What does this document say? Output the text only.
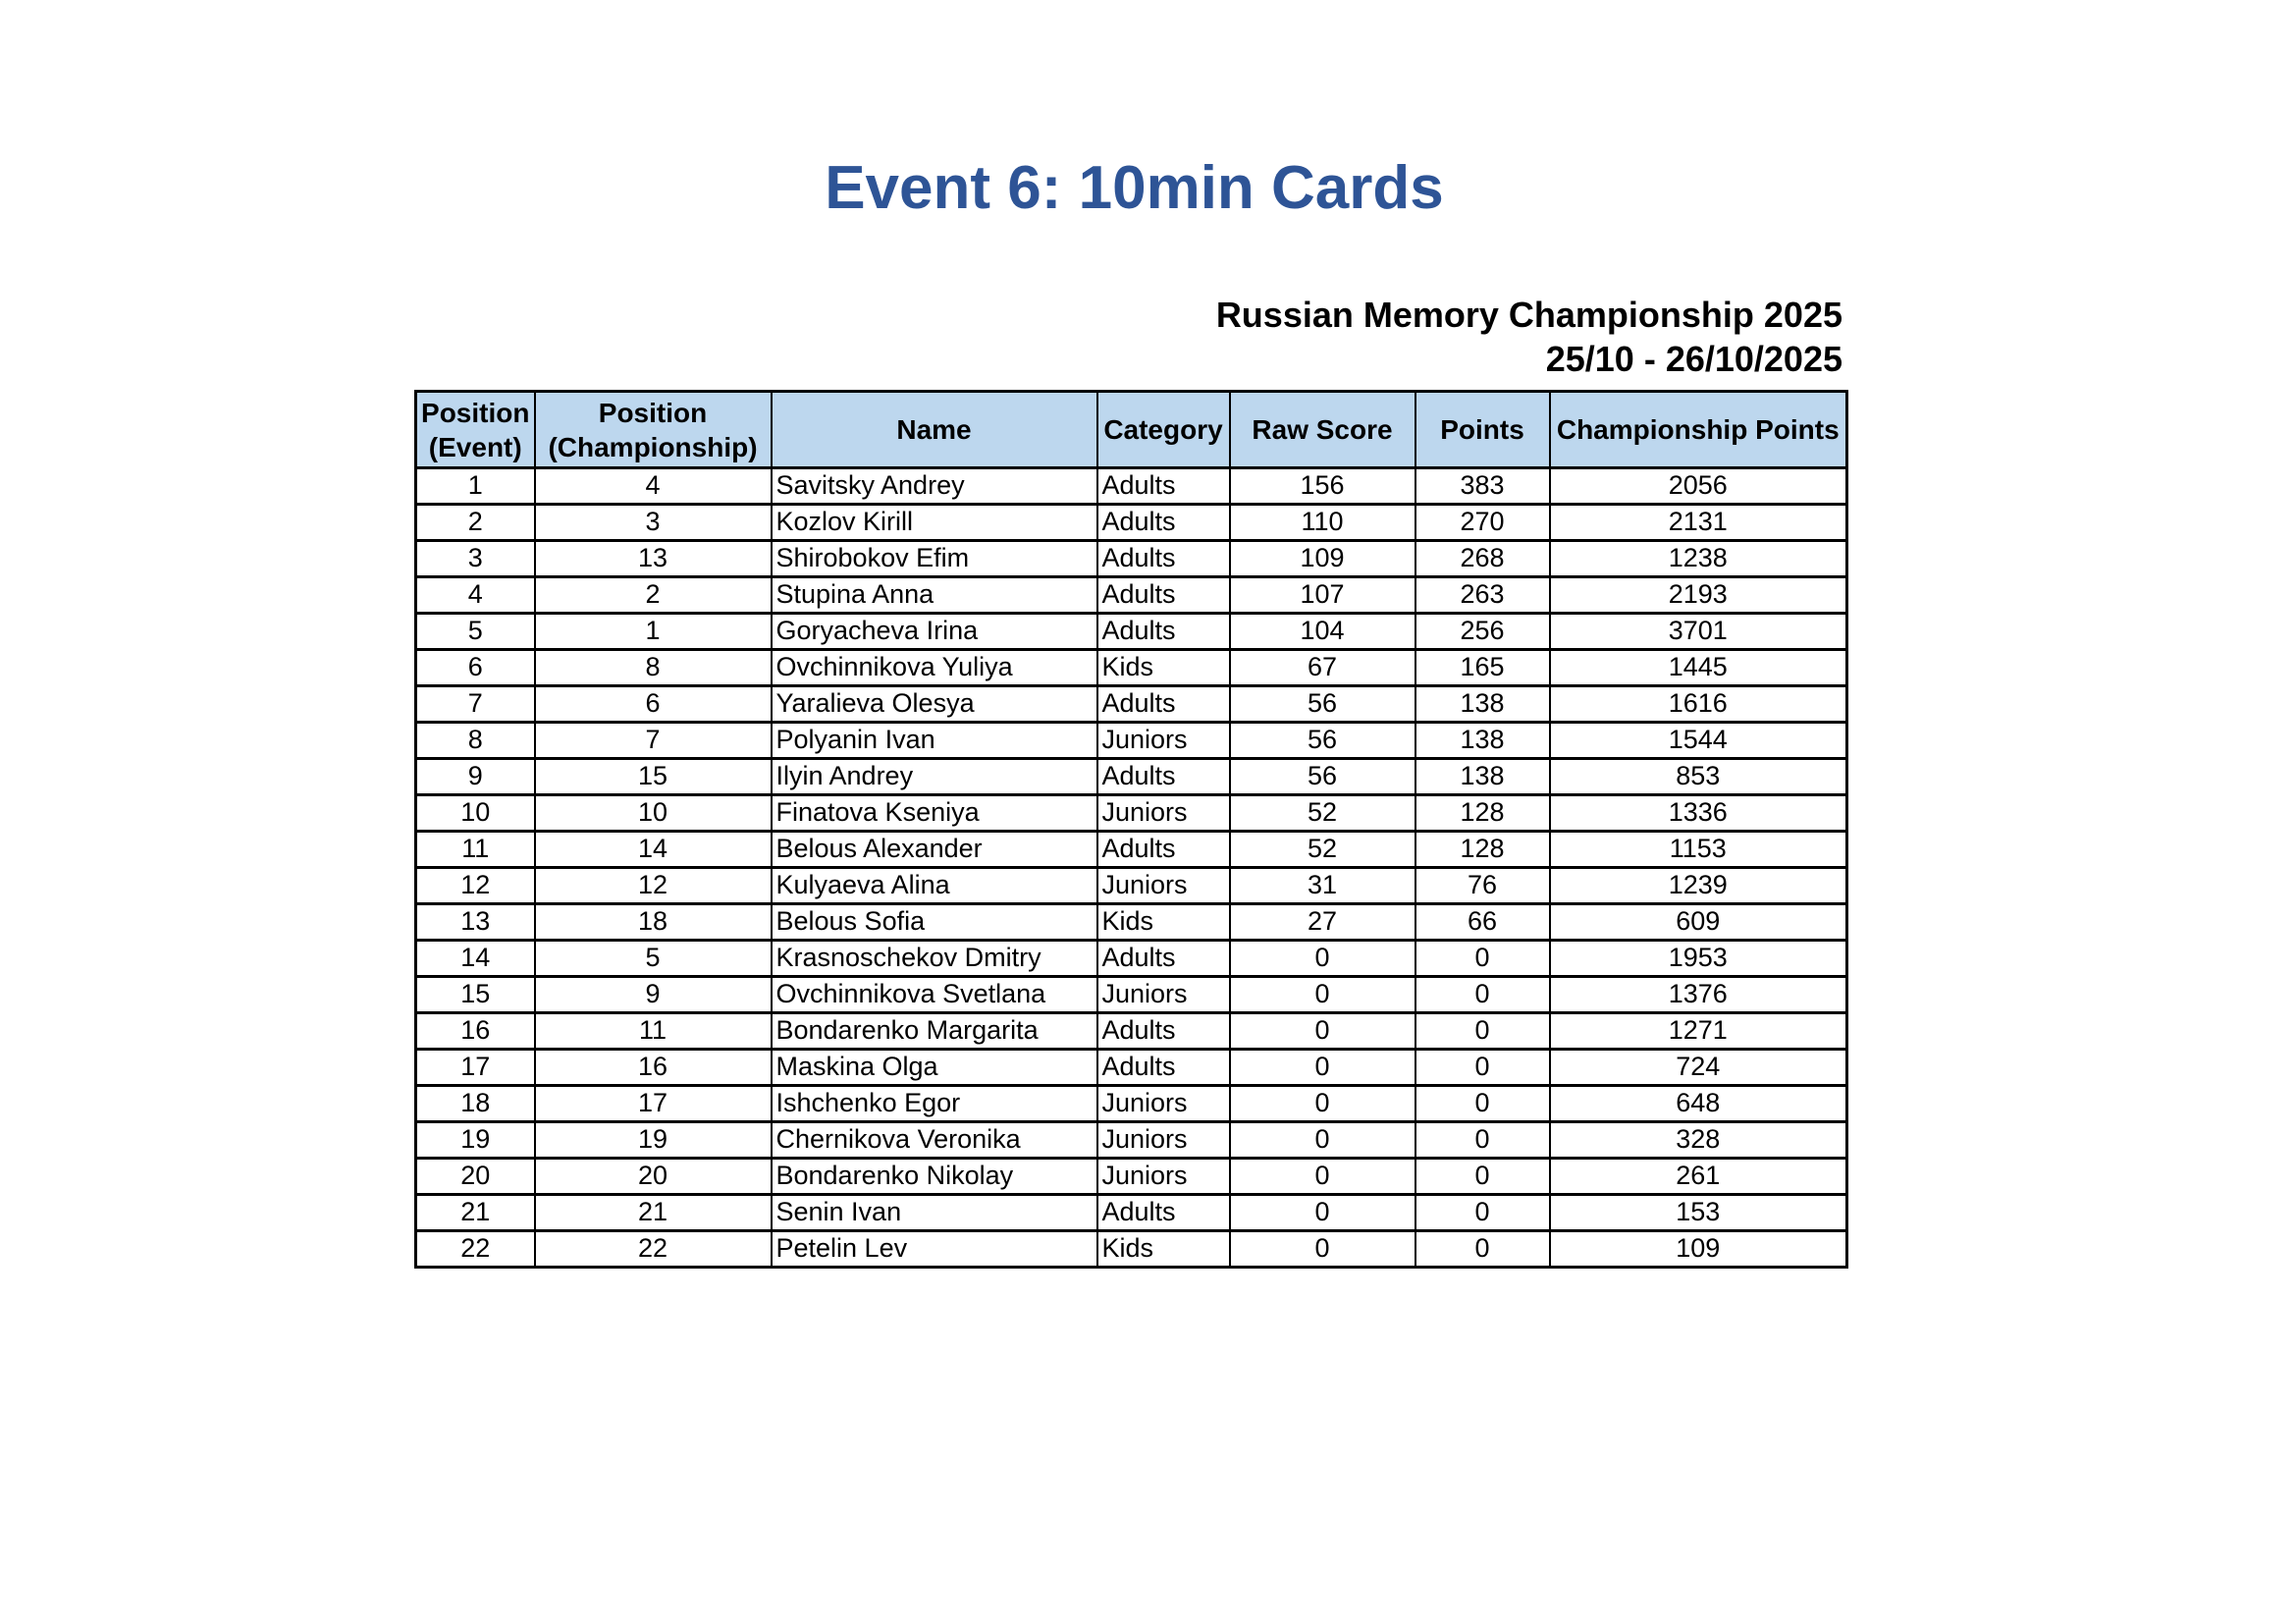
Event 6: 10min Cards
Russian Memory Championship 2025
25/10 - 26/10/2025
Position (Event)	Position (Championship)	Name	Category	Raw Score	Points	Championship Points
1	4	Savitsky Andrey	Adults	156	383	2056
2	3	Kozlov Kirill	Adults	110	270	2131
3	13	Shirobokov Efim	Adults	109	268	1238
4	2	Stupina Anna	Adults	107	263	2193
5	1	Goryacheva Irina	Adults	104	256	3701
6	8	Ovchinnikova Yuliya	Kids	67	165	1445
7	6	Yaralieva Olesya	Adults	56	138	1616
8	7	Polyanin Ivan	Juniors	56	138	1544
9	15	Ilyin Andrey	Adults	56	138	853
10	10	Finatova Kseniya	Juniors	52	128	1336
11	14	Belous Alexander	Adults	52	128	1153
12	12	Kulyaeva Alina	Juniors	31	76	1239
13	18	Belous Sofia	Kids	27	66	609
14	5	Krasnoschekov Dmitry	Adults	0	0	1953
15	9	Ovchinnikova Svetlana	Juniors	0	0	1376
16	11	Bondarenko Margarita	Adults	0	0	1271
17	16	Maskina Olga	Adults	0	0	724
18	17	Ishchenko Egor	Juniors	0	0	648
19	19	Chernikova Veronika	Juniors	0	0	328
20	20	Bondarenko Nikolay	Juniors	0	0	261
21	21	Senin Ivan	Adults	0	0	153
22	22	Petelin Lev	Kids	0	0	109
